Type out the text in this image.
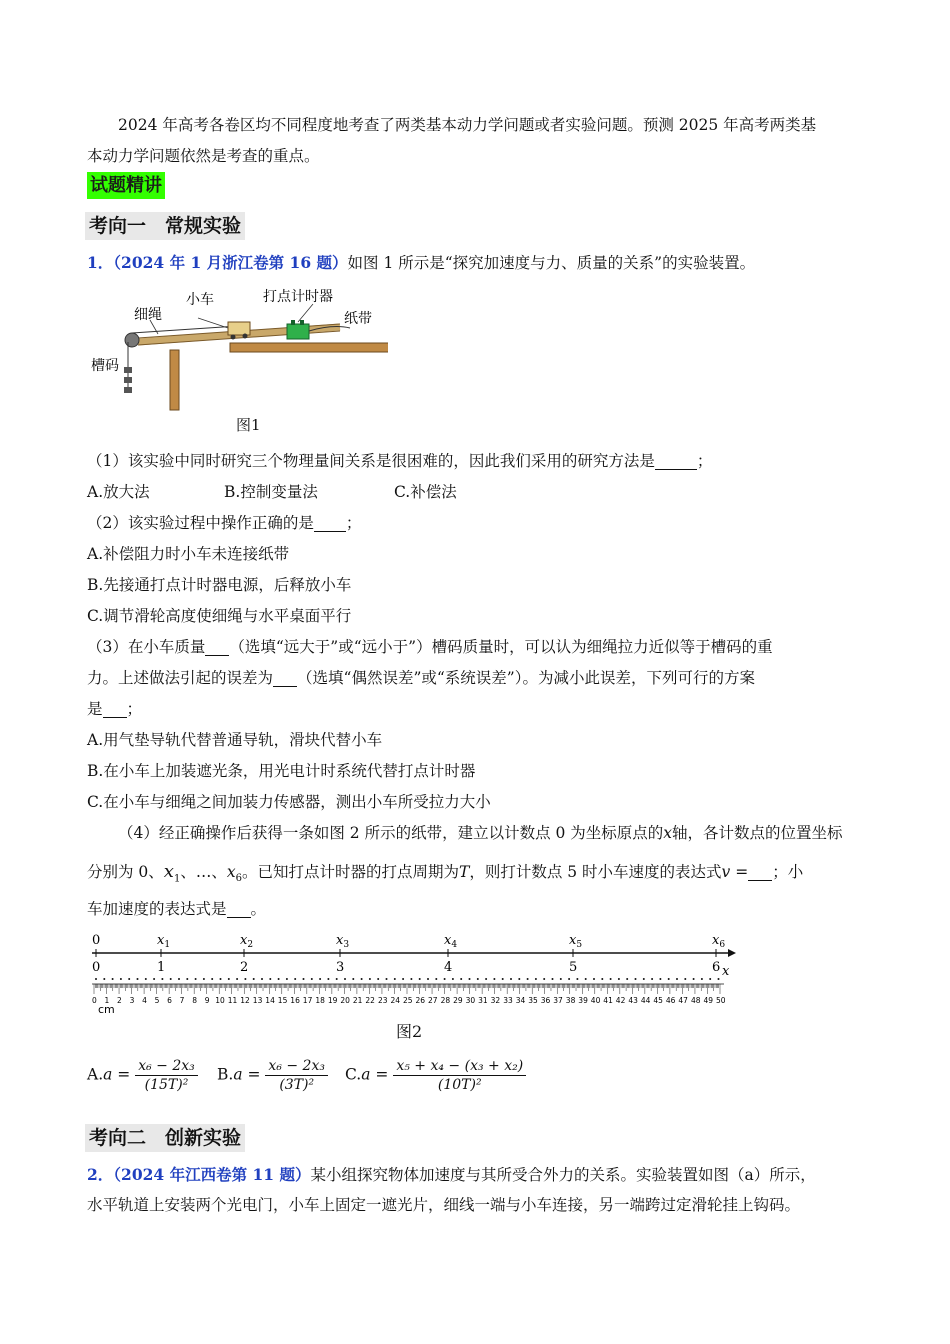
2024 年高考各卷区均不同程度地考查了两类基本动力学问题或者实验问题。预测 2025 年高考两类基
本动力学问题依然是考查的重点。
试题精讲
考向一　常规实验
1．（2024 年 1 月浙江卷第 16 题）如图 1 所示是“探究加速度与力、质量的关系”的实验装置。
细绳
小车	打点计时器
纸带
槽码
图1
（1）该实验中同时研究三个物理量间关系是很困难的，因此我们采用的研究方法是	；
A.放大法	B.控制变量法	C.补偿法
（2）该实验过程中操作正确的是 ；
A.补偿阻力时小车未连接纸带
B.先接通打点计时器电源，后释放小车
C.调节滑轮高度使细绳与水平桌面平行
（3）在小车质量 （选填“远大于”或“远小于”）槽码质量时，可以认为细绳拉力近似等于槽码的重
力。上述做法引起的误差为 （选填“偶然误差”或“系统误差”）。为减小此误差，下列可行的方案
是 ；
A.用气垫导轨代替普通导轨，滑块代替小车
B.在小车上加装遮光条，用光电计时系统代替打点计时器
C.在小车与细绳之间加装力传感器，测出小车所受拉力大小
（4）经正确操作后获得一条如图 2 所示的纸带，建立以计数点 0 为坐标原点的x轴，各计数点的位置坐标
分别为 0、$x_1$、…、$x_6$。已知打点计时器的打点周期为T，则打计数点 5 时小车速度的表达式v = ；小
车加速度的表达式是 。
0	$x_1$	$x_2$	$x_3$	$x_4$	$x_5$	$x_6$
0	1	2	3	4	5	6 x
0 1 2 3 4 5 6 7 8 9 10 11 12 13 14 15 16 17 18 19 20 21 22 23 24 25 26 27 28 29 30 31 32 33 34 35 36 37 38 39 40 41 42 43 44 45 46 47 48 49 50
cm
图2
$A.a = \frac{\text{x₆ − 2x₃}}{\text{(15T)²}} B.a = \frac{\text{x₆ − 2x₃}}{\text{(3T)²}} C.a = \frac{\text{x₅ + x₄ − (x₃ + x₂)}}{\text{(10T)²}}$
考向二　创新实验
2．（2024 年江西卷第 11 题）某小组探究物体加速度与其所受合外力的关系。实验装置如图（a）所示，
水平轨道上安装两个光电门，小车上固定一遮光片，细线一端与小车连接，另一端跨过定滑轮挂上钩码。
